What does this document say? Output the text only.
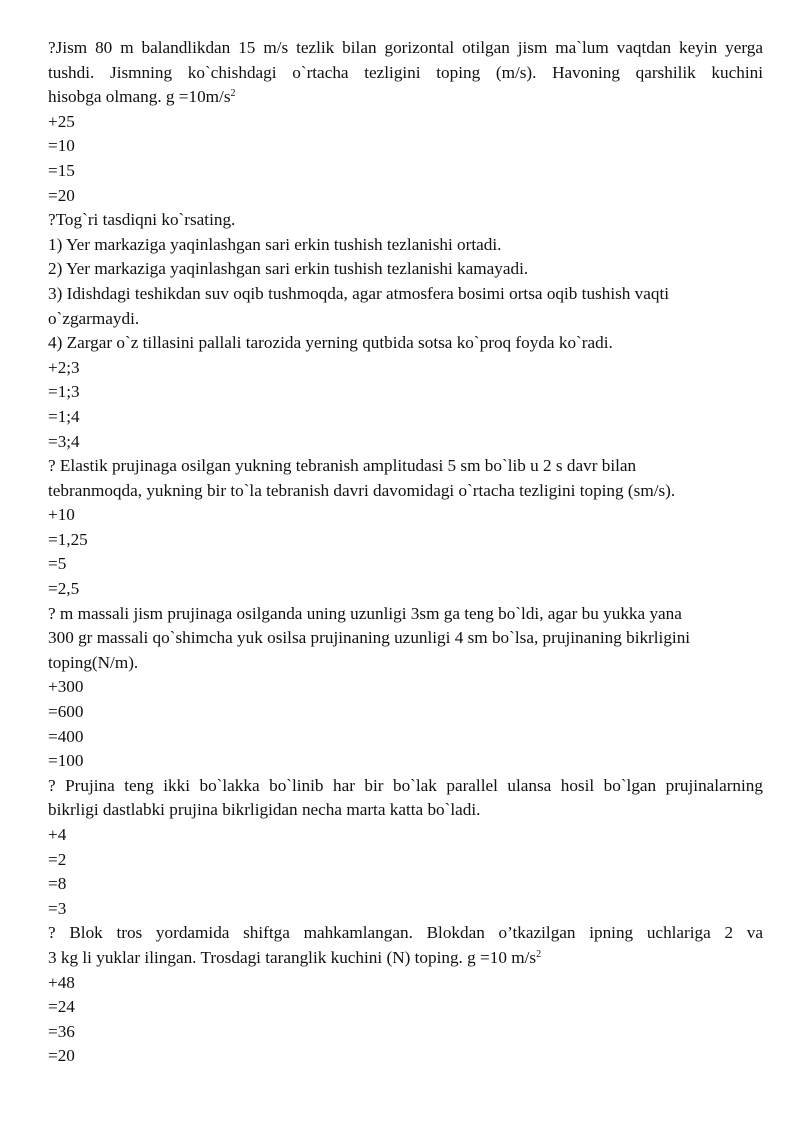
?Jism 80 m balandlikdan 15 m/s tezlik bilan gorizontal otilgan jism ma`lum vaqtdan keyin yerga
tushdi. Jismning ko`chishdagi o`rtacha tezligini toping (m/s). Havoning qarshilik kuchini
hisobga olmang. $g =10m/s^2$
+25
=10
=15
=20
?Tog`ri tasdiqni ko`rsating.
1) Yer markaziga yaqinlashgan sari erkin tushish tezlanishi ortadi.
2) Yer markaziga yaqinlashgan sari erkin tushish tezlanishi kamayadi.
3) Idishdagi teshikdan suv oqib tushmoqda, agar atmosfera bosimi ortsa oqib tushish vaqti
o`zgarmaydi.
4) Zargar o`z tillasini pallali tarozida yerning qutbida sotsa ko`proq foyda ko`radi.
+2;3
=1;3
=1;4
=3;4
? Elastik prujinaga osilgan yukning tebranish amplitudasi 5 sm bo`lib u 2 s davr bilan
tebranmoqda, yukning bir to`la tebranish davri davomidagi o`rtacha tezligini toping (sm/s).
+10
=1,25
=5
=2,5
? m massali jism prujinaga osilganda uning uzunligi 3sm ga teng bo`ldi, agar bu yukka yana
300 gr massali qo`shimcha yuk osilsa prujinaning uzunligi 4 sm bo`lsa, prujinaning bikrligini
toping(N/m).
+300
=600
=400
=100
? Prujina teng ikki bo`lakka bo`linib har bir bo`lak parallel ulansa hosil bo`lgan prujinalarning
bikrligi dastlabki prujina bikrligidan necha marta katta bo`ladi.
+4
=2
=8
=3
? Blok tros yordamida shiftga mahkamlangan. Blokdan o’tkazilgan ipning uchlariga 2 va
3 kg li yuklar ilingan. Trosdagi taranglik kuchini (N) toping. g =10 $m/s^2$
+48
=24
=36
=20
